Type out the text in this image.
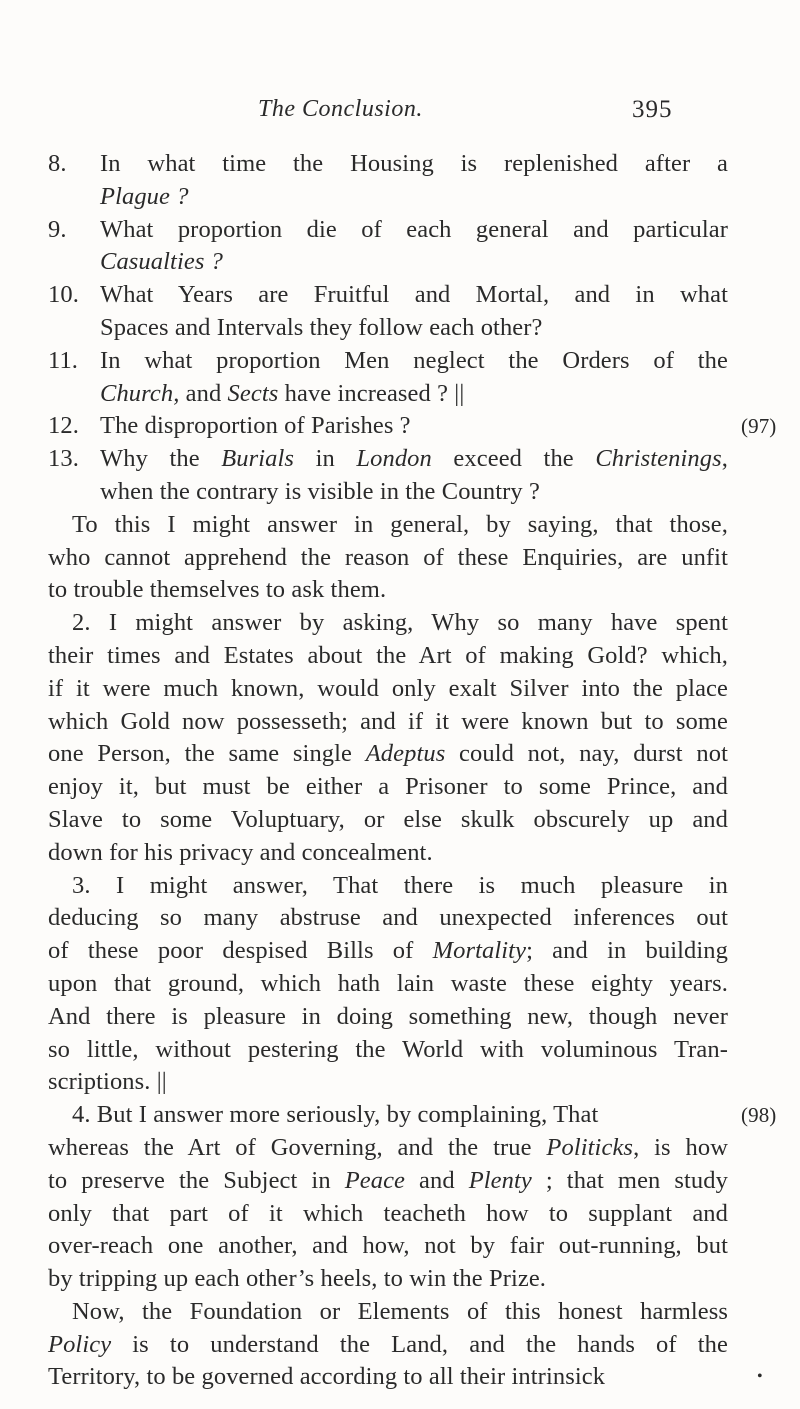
The Conclusion.	395
8. In what time the Housing is replenished after a
Plague ?
9. What proportion die of each general and particular
Casualties ?
10. What Years are Fruitful and Mortal, and in what
Spaces and Intervals they follow each other?
11. In what proportion Men neglect the Orders of the
Church, and Sects have increased ? ||
12. The disproportion of Parishes ?	(97)
13. Why the Burials in London exceed the Christenings,
when the contrary is visible in the Country ?
To this I might answer in general, by saying, that those,
who cannot apprehend the reason of these Enquiries, are unfit
to trouble themselves to ask them.
2. I might answer by asking, Why so many have spent
their times and Estates about the Art of making Gold? which,
if it were much known, would only exalt Silver into the place
which Gold now possesseth; and if it were known but to some
one Person, the same single Adeptus could not, nay, durst not
enjoy it, but must be either a Prisoner to some Prince, and
Slave to some Voluptuary, or else skulk obscurely up and
down for his privacy and concealment.
3. I might answer, That there is much pleasure in
deducing so many abstruse and unexpected inferences out
of these poor despised Bills of Mortality; and in building
upon that ground, which hath lain waste these eighty years.
And there is pleasure in doing something new, though never
so little, without pestering the World with voluminous Tran-
scriptions. ||
4. But I answer more seriously, by complaining, That	(98)
whereas the Art of Governing, and the true Politicks, is how
to preserve the Subject in Peace and Plenty ; that men study
only that part of it which teacheth how to supplant and
over-reach one another, and how, not by fair out-running, but
by tripping up each other’s heels, to win the Prize.
Now, the Foundation or Elements of this honest harmless
Policy is to understand the Land, and the hands of the
Territory, to be governed according to all their intrinsick	•
